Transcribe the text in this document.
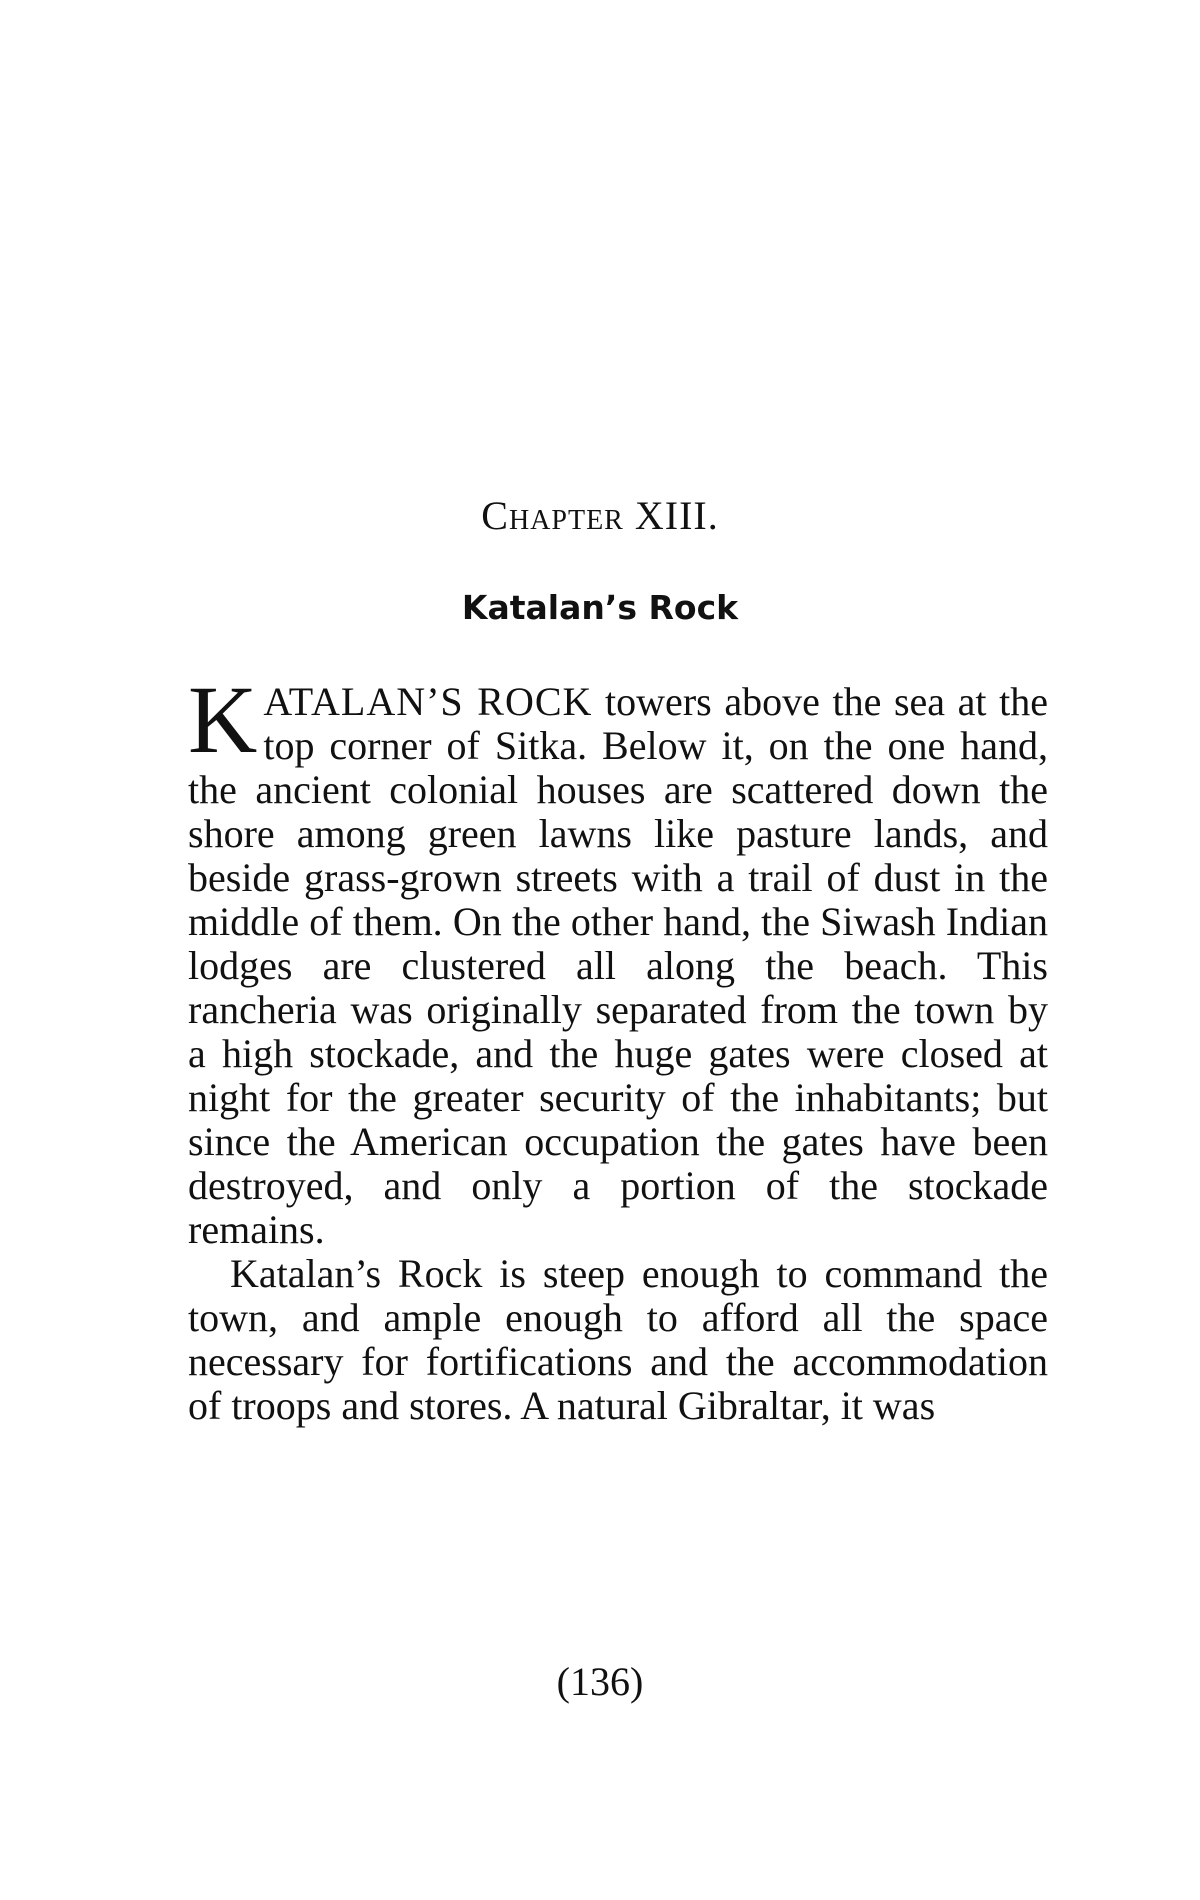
Chapter XIII.
Katalan’s Rock

KATALAN’S ROCK towers above the sea at the top corner of Sitka. Below it, on the one hand, the ancient colonial houses are scattered down the shore among green lawns like pasture lands, and beside grass-grown streets with a trail of dust in the middle of them. On the other hand, the Siwash Indian lodges are clustered all along the beach. This rancheria was originally separated from the town by a high stockade, and the huge gates were closed at night for the greater security of the inhabitants; but since the American occupation the gates have been destroyed, and only a portion of the stockade remains.

Katalan’s Rock is steep enough to command the town, and ample enough to afford all the space necessary for fortifications and the accommodation of troops and stores. A natural Gibraltar, it was

(136)
